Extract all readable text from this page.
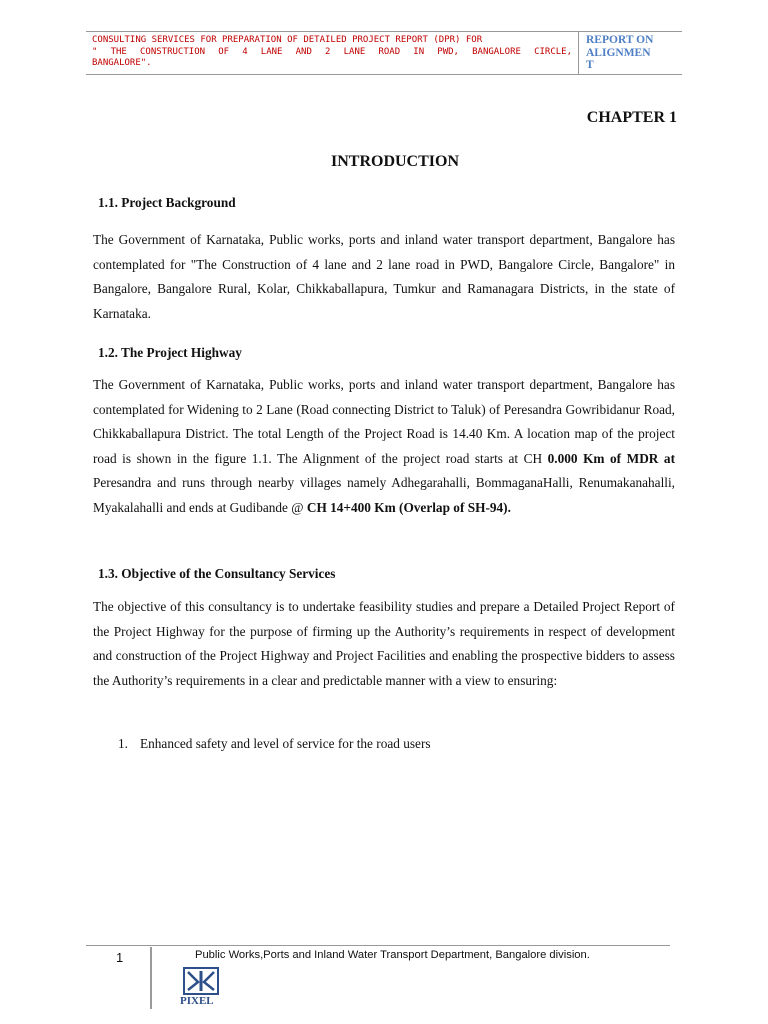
CONSULTING SERVICES FOR PREPARATION OF DETAILED PROJECT REPORT (DPR) FOR
" THE CONSTRUCTION OF 4 LANE AND 2 LANE ROAD IN PWD, BANGALORE CIRCLE,
BANGALORE".
REPORT ON
ALIGNMEN
T
CHAPTER 1
INTRODUCTION
1.1. Project Background

The Government of Karnataka, Public works, ports and inland water transport department, Bangalore has contemplated for "The Construction of 4 lane and 2 lane road in PWD, Bangalore Circle, Bangalore" in Bangalore, Bangalore Rural, Kolar, Chikkaballapura, Tumkur and Ramanagara Districts, in the state of Karnataka.

1.2. The Project Highway

The Government of Karnataka, Public works, ports and inland water transport department, Bangalore has contemplated for Widening to 2 Lane (Road connecting District to Taluk) of Peresandra Gowribidanur Road, Chikkaballapura District. The total Length of the Project Road is 14.40 Km. A location map of the project road is shown in the figure 1.1. The Alignment of the project road starts at CH 0.000 Km of MDR at Peresandra and runs through nearby villages namely Adhegarahalli, BommaganaHalli, Renumakanahalli, Myakalahalli and ends at Gudibande @ CH 14+400 Km (Overlap of SH-94).

1.3. Objective of the Consultancy Services

The objective of this consultancy is to undertake feasibility studies and prepare a Detailed Project Report of the Project Highway for the purpose of firming up the Authority’s requirements in respect of development and construction of the Project Highway and Project Facilities and enabling the prospective bidders to assess the Authority’s requirements in a clear and predictable manner with a view to ensuring:

1. Enhanced safety and level of service for the road users
1	Public Works,Ports and Inland Water Transport Department, Bangalore division.
PIXEL
